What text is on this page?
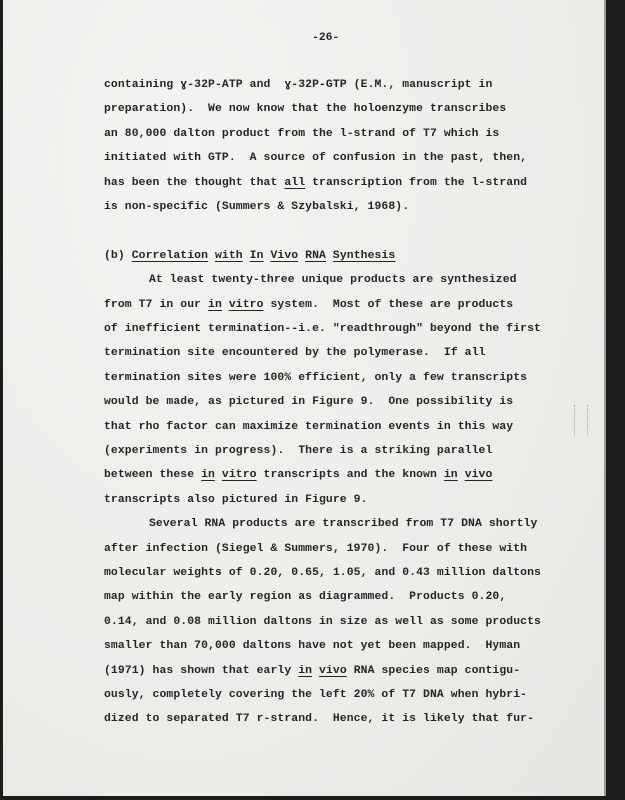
-26-
containing ɣ-32P-ATP and  ɣ-32P-GTP (E.M., manuscript in
preparation).  We now know that the holoenzyme transcribes
an 80,000 dalton product from the l-strand of T7 which is
initiated with GTP.  A source of confusion in the past, then,
has been the thought that all transcription from the l-strand
is non-specific (Summers & Szybalski, 1968).
(b) Correlation with In Vivo RNA Synthesis
At least twenty-three unique products are synthesized
from T7 in our in vitro system.  Most of these are products
of inefficient termination--i.e. "readthrough" beyond the first
termination site encountered by the polymerase.  If all
termination sites were 100% efficient, only a few transcripts
would be made, as pictured in Figure 9.  One possibility is
that rho factor can maximize termination events in this way
(experiments in progress).  There is a striking parallel
between these in vitro transcripts and the known in vivo
transcripts also pictured in Figure 9.
Several RNA products are transcribed from T7 DNA shortly
after infection (Siegel & Summers, 1970).  Four of these with
molecular weights of 0.20, 0.65, 1.05, and 0.43 million daltons
map within the early region as diagrammed.  Products 0.20,
0.14, and 0.08 million daltons in size as well as some products
smaller than 70,000 daltons have not yet been mapped.  Hyman
(1971) has shown that early in vivo RNA species map contigu-
ously, completely covering the left 20% of T7 DNA when hybri-
dized to separated T7 r-strand.  Hence, it is likely that fur-
